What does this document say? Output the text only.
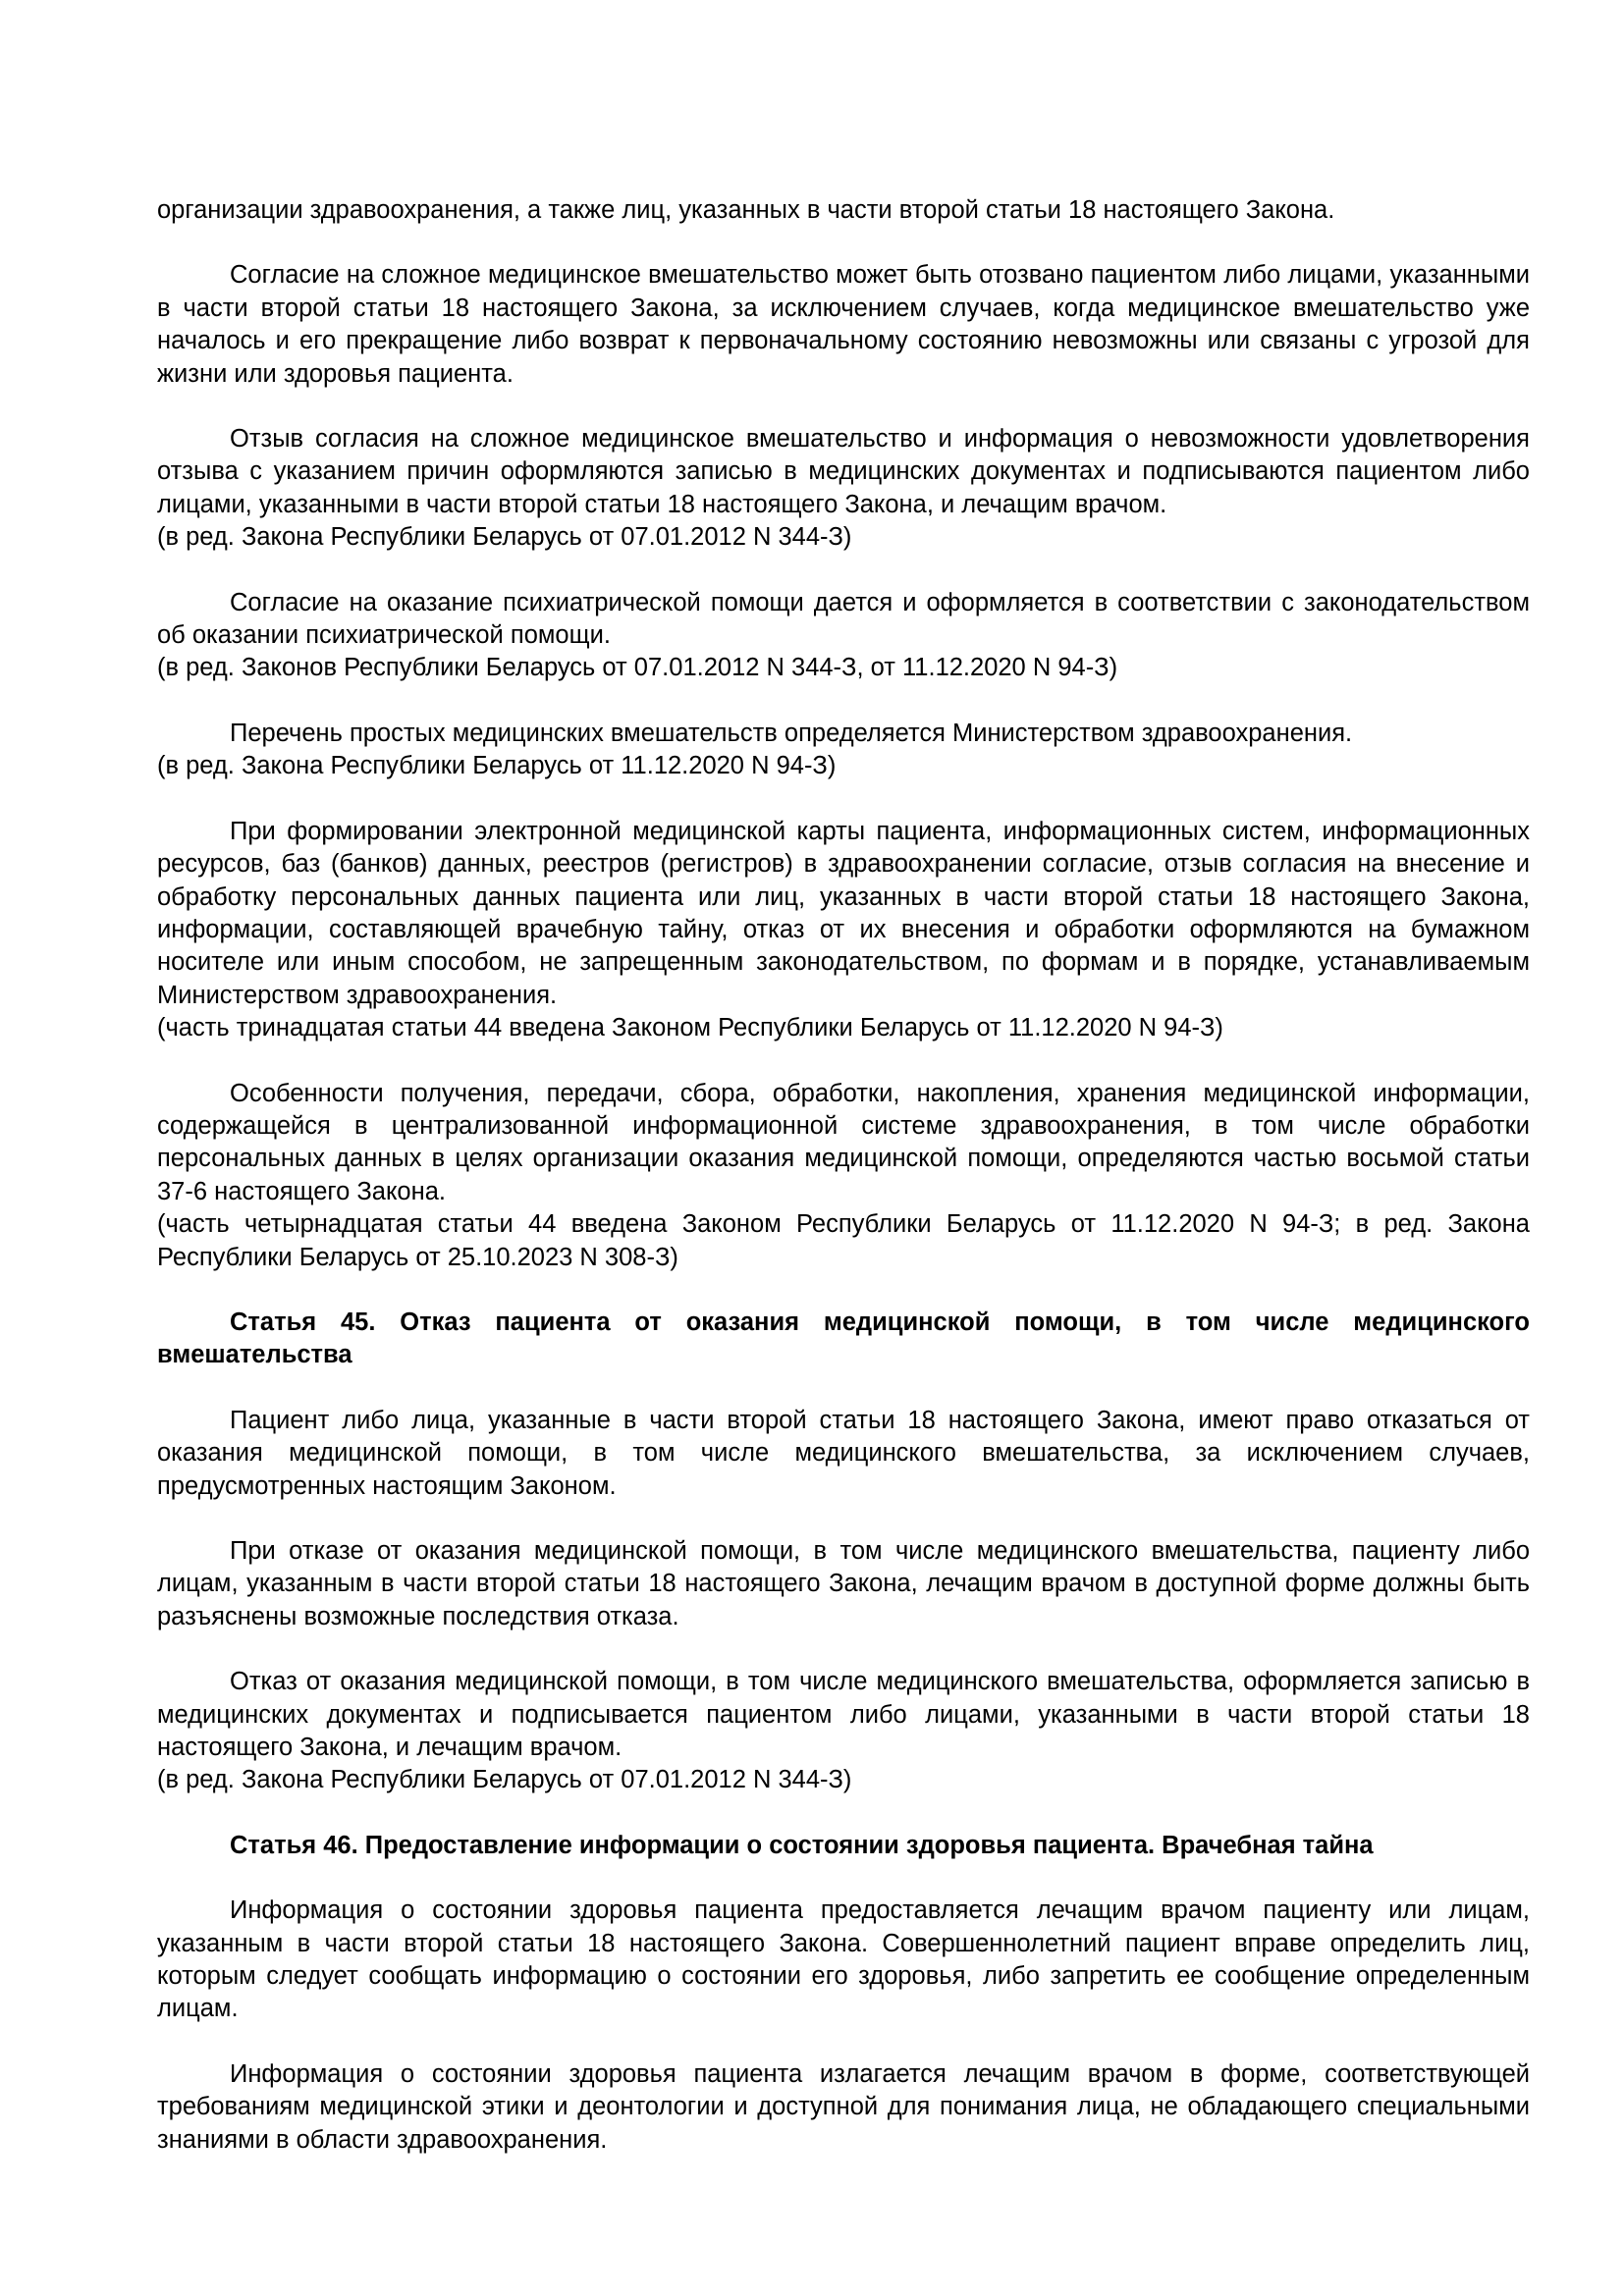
организации здравоохранения, а также лиц, указанных в части второй статьи 18 настоящего Закона.

Согласие на сложное медицинское вмешательство может быть отозвано пациентом либо лицами, указанными в части второй статьи 18 настоящего Закона, за исключением случаев, когда медицинское вмешательство уже началось и его прекращение либо возврат к первоначальному состоянию невозможны или связаны с угрозой для жизни или здоровья пациента.

Отзыв согласия на сложное медицинское вмешательство и информация о невозможности удовлетворения отзыва с указанием причин оформляются записью в медицинских документах и подписываются пациентом либо лицами, указанными в части второй статьи 18 настоящего Закона, и лечащим врачом.

(в ред. Закона Республики Беларусь от 07.01.2012 N 344-З)

Согласие на оказание психиатрической помощи дается и оформляется в соответствии с законодательством об оказании психиатрической помощи.

(в ред. Законов Республики Беларусь от 07.01.2012 N 344-З, от 11.12.2020 N 94-З)

Перечень простых медицинских вмешательств определяется Министерством здравоохранения.

(в ред. Закона Республики Беларусь от 11.12.2020 N 94-З)

При формировании электронной медицинской карты пациента, информационных систем, информационных ресурсов, баз (банков) данных, реестров (регистров) в здравоохранении согласие, отзыв согласия на внесение и обработку персональных данных пациента или лиц, указанных в части второй статьи 18 настоящего Закона, информации, составляющей врачебную тайну, отказ от их внесения и обработки оформляются на бумажном носителе или иным способом, не запрещенным законодательством, по формам и в порядке, устанавливаемым Министерством здравоохранения.

(часть тринадцатая статьи 44 введена Законом Республики Беларусь от 11.12.2020 N 94-З)

Особенности получения, передачи, сбора, обработки, накопления, хранения медицинской информации, содержащейся в централизованной информационной системе здравоохранения, в том числе обработки персональных данных в целях организации оказания медицинской помощи, определяются частью восьмой статьи 37-6 настоящего Закона.

(часть четырнадцатая статьи 44 введена Законом Республики Беларусь от 11.12.2020 N 94-З; в ред. Закона Республики Беларусь от 25.10.2023 N 308-З)

Статья 45. Отказ пациента от оказания медицинской помощи, в том числе медицинского вмешательства

Пациент либо лица, указанные в части второй статьи 18 настоящего Закона, имеют право отказаться от оказания медицинской помощи, в том числе медицинского вмешательства, за исключением случаев, предусмотренных настоящим Законом.

При отказе от оказания медицинской помощи, в том числе медицинского вмешательства, пациенту либо лицам, указанным в части второй статьи 18 настоящего Закона, лечащим врачом в доступной форме должны быть разъяснены возможные последствия отказа.

Отказ от оказания медицинской помощи, в том числе медицинского вмешательства, оформляется записью в медицинских документах и подписывается пациентом либо лицами, указанными в части второй статьи 18 настоящего Закона, и лечащим врачом.

(в ред. Закона Республики Беларусь от 07.01.2012 N 344-З)

Статья 46. Предоставление информации о состоянии здоровья пациента. Врачебная тайна

Информация о состоянии здоровья пациента предоставляется лечащим врачом пациенту или лицам, указанным в части второй статьи 18 настоящего Закона. Совершеннолетний пациент вправе определить лиц, которым следует сообщать информацию о состоянии его здоровья, либо запретить ее сообщение определенным лицам.

Информация о состоянии здоровья пациента излагается лечащим врачом в форме, соответствующей требованиям медицинской этики и деонтологии и доступной для понимания лица, не обладающего специальными знаниями в области здравоохранения.
